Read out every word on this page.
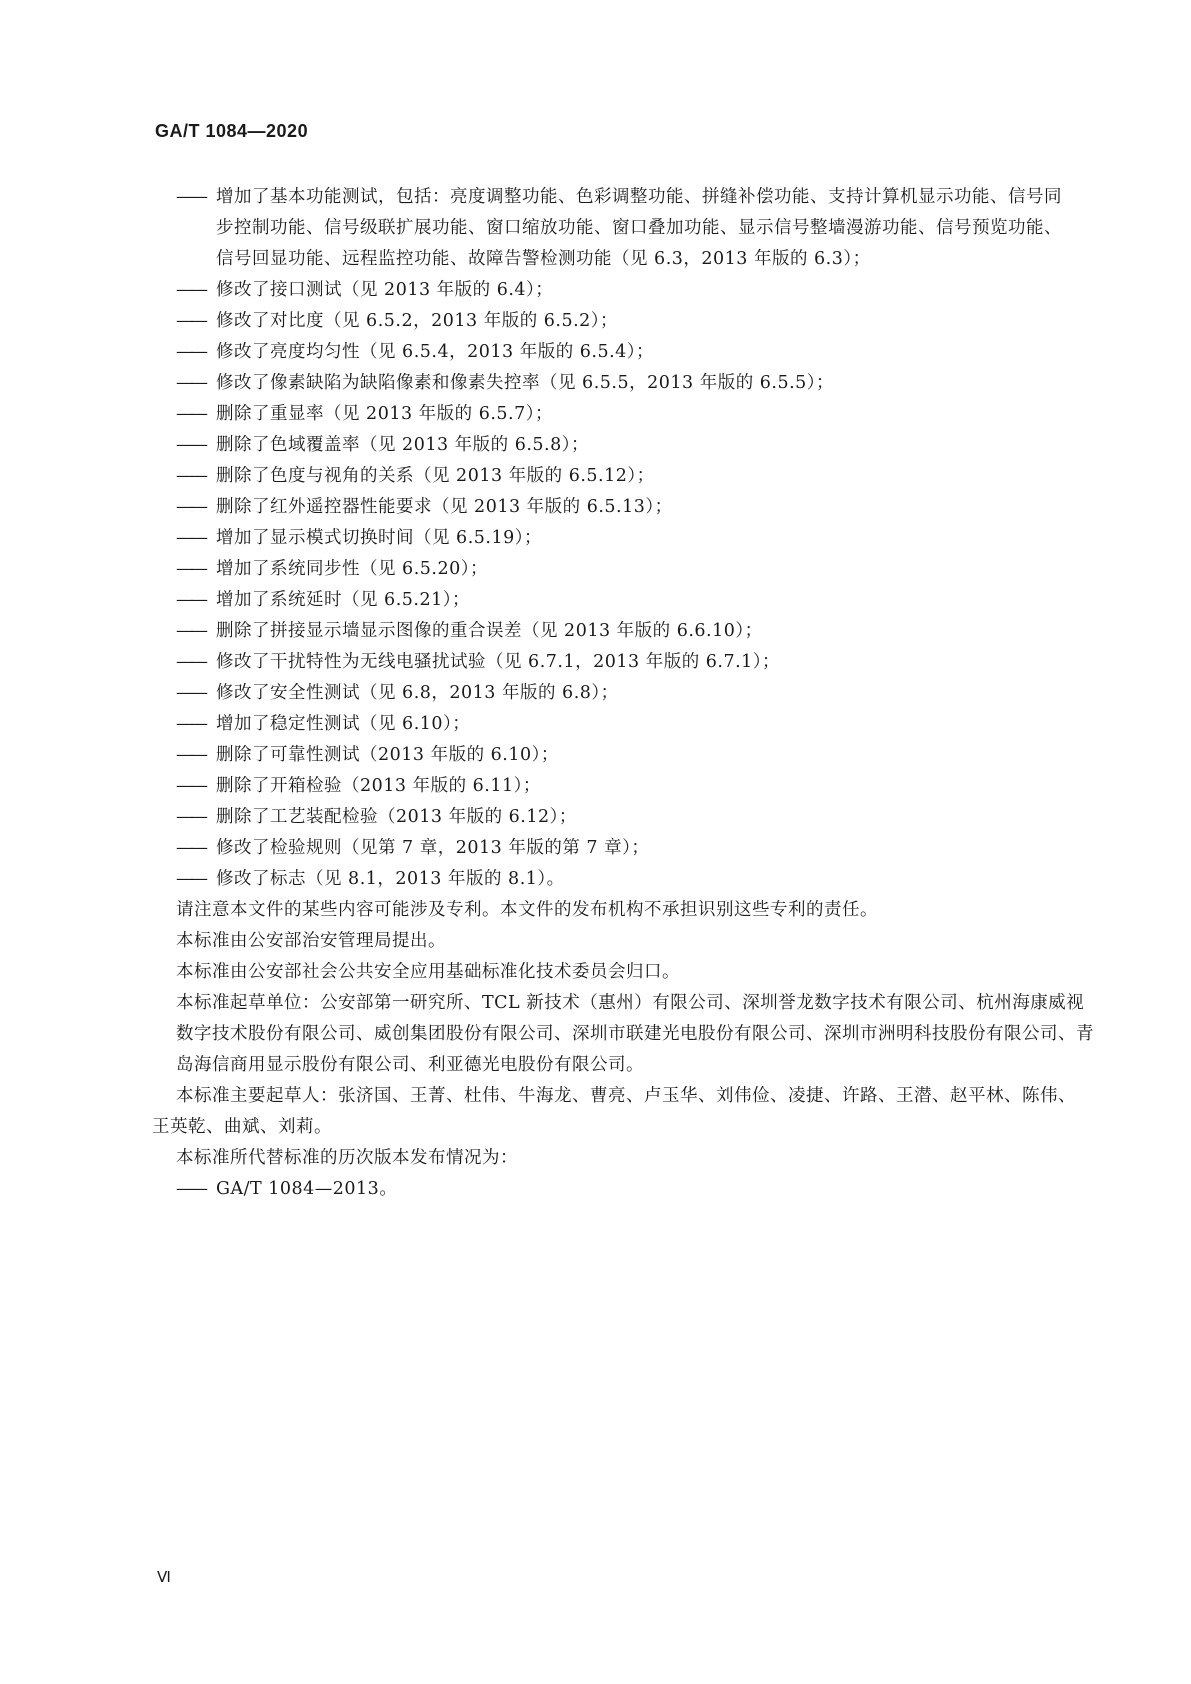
GA/T 1084—2020
—— 增加了基本功能测试，包括：亮度调整功能、色彩调整功能、拼缝补偿功能、支持计算机显示功能、信号同步控制功能、信号级联扩展功能、窗口缩放功能、窗口叠加功能、显示信号整墙漫游功能、信号预览功能、信号回显功能、远程监控功能、故障告警检测功能（见 6.3，2013 年版的 6.3）；
—— 修改了接口测试（见 2013 年版的 6.4）；
—— 修改了对比度（见 6.5.2，2013 年版的 6.5.2）；
—— 修改了亮度均匀性（见 6.5.4，2013 年版的 6.5.4）；
—— 修改了像素缺陷为缺陷像素和像素失控率（见 6.5.5，2013 年版的 6.5.5）；
—— 删除了重显率（见 2013 年版的 6.5.7）；
—— 删除了色域覆盖率（见 2013 年版的 6.5.8）；
—— 删除了色度与视角的关系（见 2013 年版的 6.5.12）；
—— 删除了红外遥控器性能要求（见 2013 年版的 6.5.13）；
—— 增加了显示模式切换时间（见 6.5.19）；
—— 增加了系统同步性（见 6.5.20）；
—— 增加了系统延时（见 6.5.21）；
—— 删除了拼接显示墙显示图像的重合误差（见 2013 年版的 6.6.10）；
—— 修改了干扰特性为无线电骚扰试验（见 6.7.1，2013 年版的 6.7.1）；
—— 修改了安全性测试（见 6.8，2013 年版的 6.8）；
—— 增加了稳定性测试（见 6.10）；
—— 删除了可靠性测试（2013 年版的 6.10）；
—— 删除了开箱检验（2013 年版的 6.11）；
—— 删除了工艺装配检验（2013 年版的 6.12）；
—— 修改了检验规则（见第 7 章，2013 年版的第 7 章）；
—— 修改了标志（见 8.1，2013 年版的 8.1）。
请注意本文件的某些内容可能涉及专利。本文件的发布机构不承担识别这些专利的责任。
本标准由公安部治安管理局提出。
本标准由公安部社会公共安全应用基础标准化技术委员会归口。
本标准起草单位：公安部第一研究所、TCL 新技术（惠州）有限公司、深圳誉龙数字技术有限公司、杭州海康威视数字技术股份有限公司、威创集团股份有限公司、深圳市联建光电股份有限公司、深圳市洲明科技股份有限公司、青岛海信商用显示股份有限公司、利亚德光电股份有限公司。
本标准主要起草人：张济国、王菁、杜伟、牛海龙、曹亮、卢玉华、刘伟俭、凌捷、许路、王潜、赵平林、陈伟、王英乾、曲斌、刘莉。
本标准所代替标准的历次版本发布情况为：
—— GA/T 1084—2013。
Ⅵ
